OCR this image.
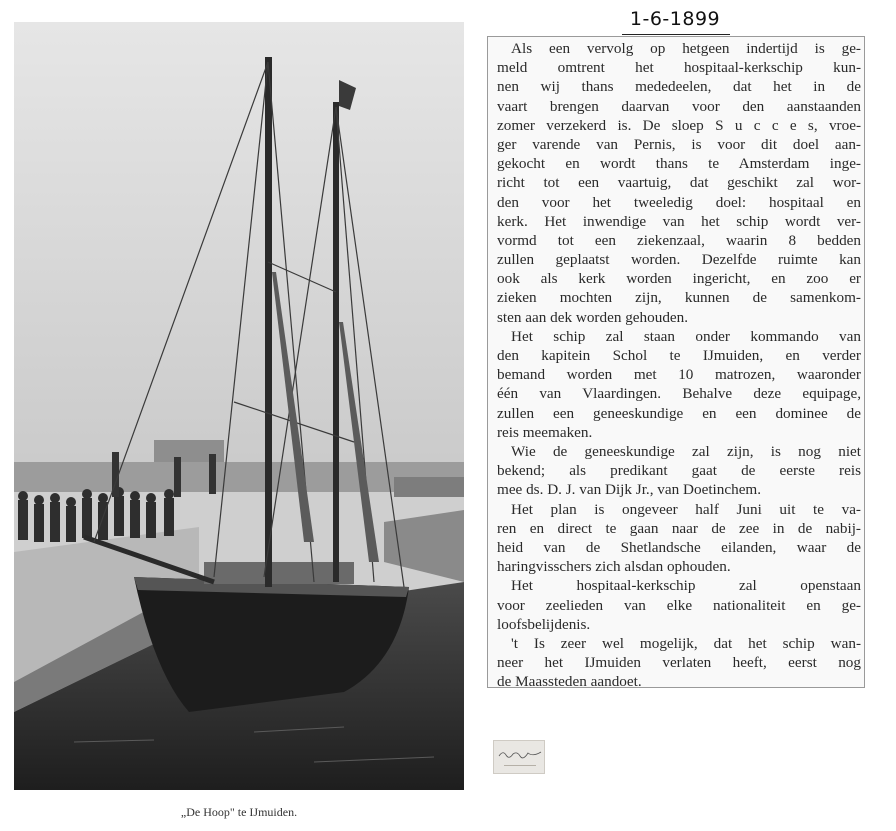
„De Hoop" te IJmuiden.
1-6-1899
Als een vervolg op hetgeen indertijd is ge-
meld omtrent het hospitaal-kerkschip kun-
nen wij thans mededeelen, dat het in de
vaart brengen daarvan voor den aanstaanden
zomer verzekerd is. De sloep S u c c e s, vroe-
ger varende van Pernis, is voor dit doel aan-
gekocht en wordt thans te Amsterdam inge-
richt tot een vaartuig, dat geschikt zal wor-
den voor het tweeledig doel: hospitaal en
kerk. Het inwendige van het schip wordt ver-
vormd tot een ziekenzaal, waarin 8 bedden
zullen geplaatst worden. Dezelfde ruimte kan
ook als kerk worden ingericht, en zoo er
zieken mochten zijn, kunnen de samenkom-
sten aan dek worden gehouden.
Het schip zal staan onder kommando van
den kapitein Schol te IJmuiden, en verder
bemand worden met 10 matrozen, waaronder
één van Vlaardingen. Behalve deze equipage,
zullen een geneeskundige en een dominee de
reis meemaken.
Wie de geneeskundige zal zijn, is nog niet
bekend; als predikant gaat de eerste reis
mee ds. D. J. van Dijk Jr., van Doetinchem.
Het plan is ongeveer half Juni uit te va-
ren en direct te gaan naar de zee in de nabij-
heid van de Shetlandsche eilanden, waar de
haringvisschers zich alsdan ophouden.
Het hospitaal-kerkschip zal openstaan
voor zeelieden van elke nationaliteit en ge-
loofsbelijdenis.
't Is zeer wel mogelijk, dat het schip wan-
neer het IJmuiden verlaten heeft, eerst nog
de Maassteden aandoet.
